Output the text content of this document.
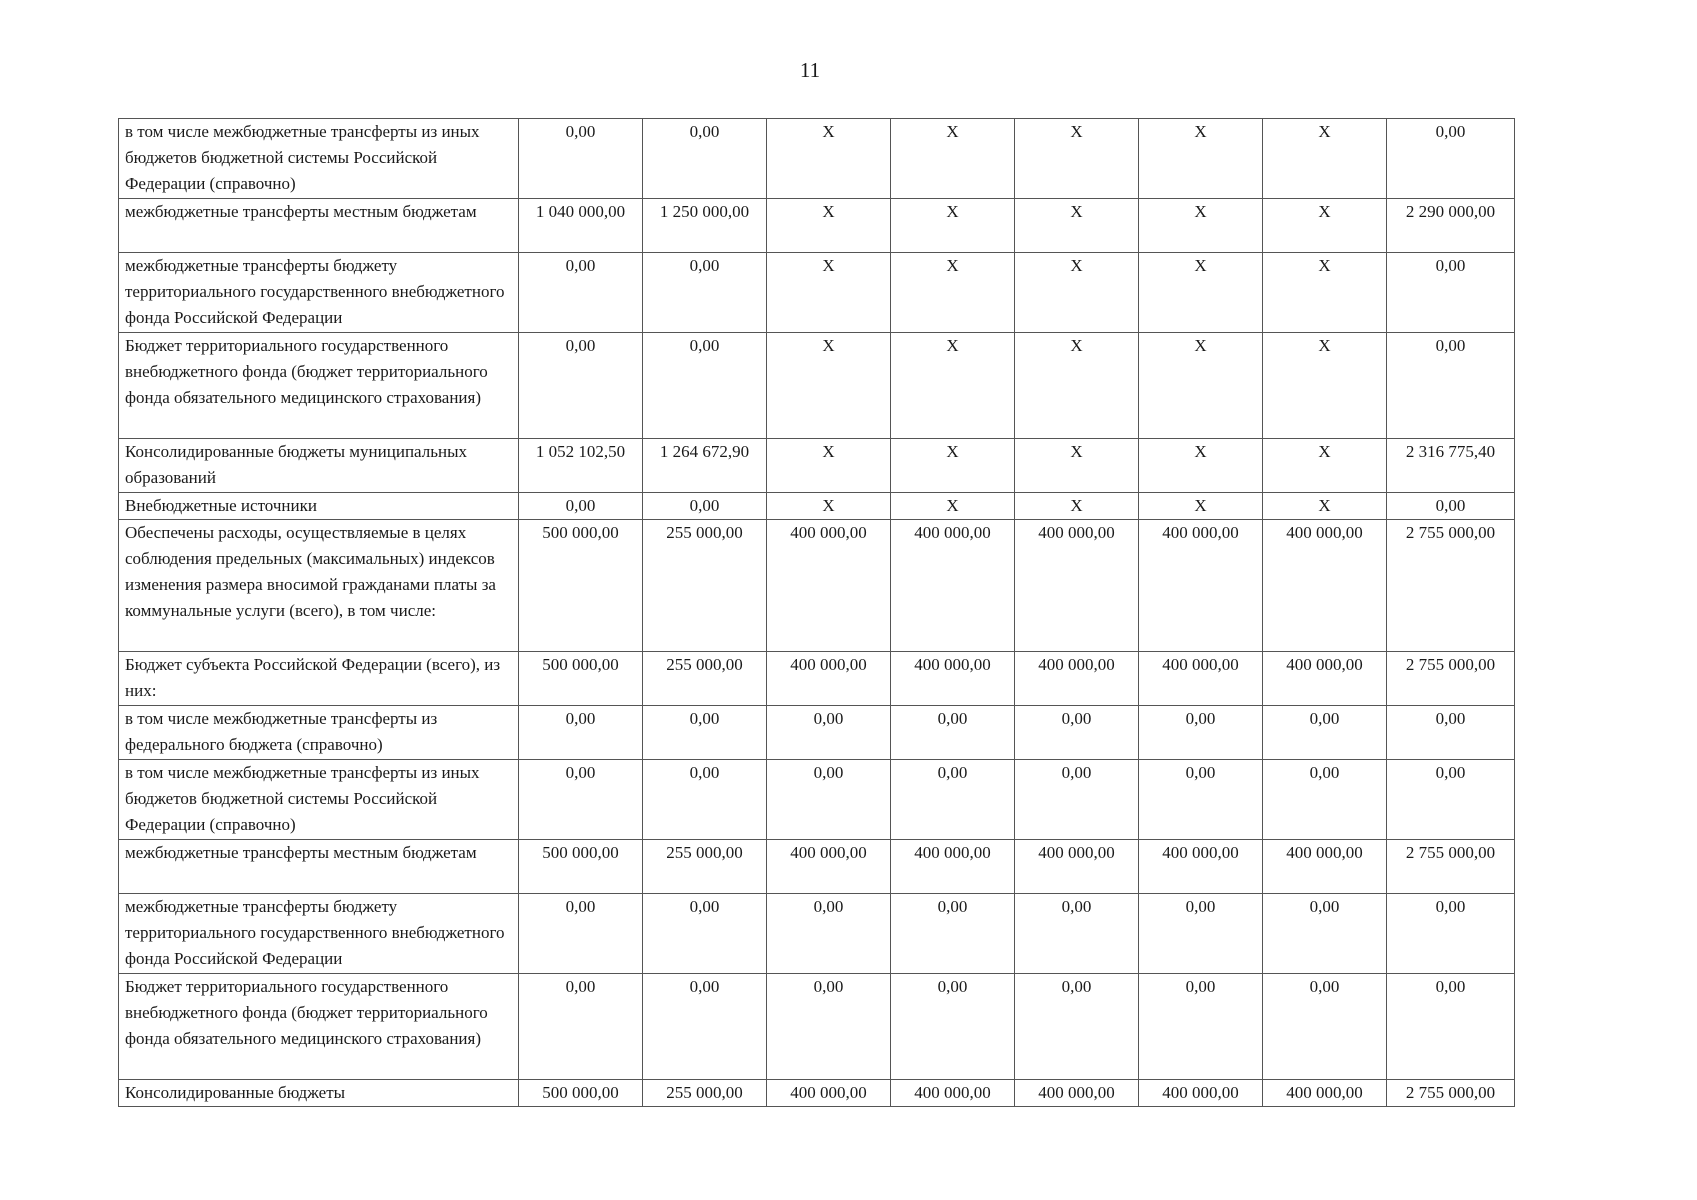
11
в том числе межбюджетные трансферты из иных бюджетов бюджетной системы Российской Федерации (справочно)	0,00	0,00	X	X	X	X	X	0,00
межбюджетные трансферты местным бюджетам	1 040 000,00	1 250 000,00	X	X	X	X	X	2 290 000,00
межбюджетные трансферты бюджету территориального государственного внебюджетного фонда Российской Федерации	0,00	0,00	X	X	X	X	X	0,00
Бюджет территориального государственного внебюджетного фонда (бюджет территориального фонда обязательного медицинского страхования)	0,00	0,00	X	X	X	X	X	0,00
Консолидированные бюджеты муниципальных образований	1 052 102,50	1 264 672,90	X	X	X	X	X	2 316 775,40
Внебюджетные источники	0,00	0,00	X	X	X	X	X	0,00
Обеспечены расходы, осуществляемые в целях соблюдения предельных (максимальных) индексов изменения размера вносимой гражданами платы за коммунальные услуги (всего), в том числе:	500 000,00	255 000,00	400 000,00	400 000,00	400 000,00	400 000,00	400 000,00	2 755 000,00
Бюджет субъекта Российской Федерации (всего), из них:	500 000,00	255 000,00	400 000,00	400 000,00	400 000,00	400 000,00	400 000,00	2 755 000,00
в том числе межбюджетные трансферты из федерального бюджета (справочно)	0,00	0,00	0,00	0,00	0,00	0,00	0,00	0,00
в том числе межбюджетные трансферты из иных бюджетов бюджетной системы Российской Федерации (справочно)	0,00	0,00	0,00	0,00	0,00	0,00	0,00	0,00
межбюджетные трансферты местным бюджетам	500 000,00	255 000,00	400 000,00	400 000,00	400 000,00	400 000,00	400 000,00	2 755 000,00
межбюджетные трансферты бюджету территориального государственного внебюджетного фонда Российской Федерации	0,00	0,00	0,00	0,00	0,00	0,00	0,00	0,00
Бюджет территориального государственного внебюджетного фонда (бюджет территориального фонда обязательного медицинского страхования)	0,00	0,00	0,00	0,00	0,00	0,00	0,00	0,00
Консолидированные бюджеты	500 000,00	255 000,00	400 000,00	400 000,00	400 000,00	400 000,00	400 000,00	2 755 000,00
